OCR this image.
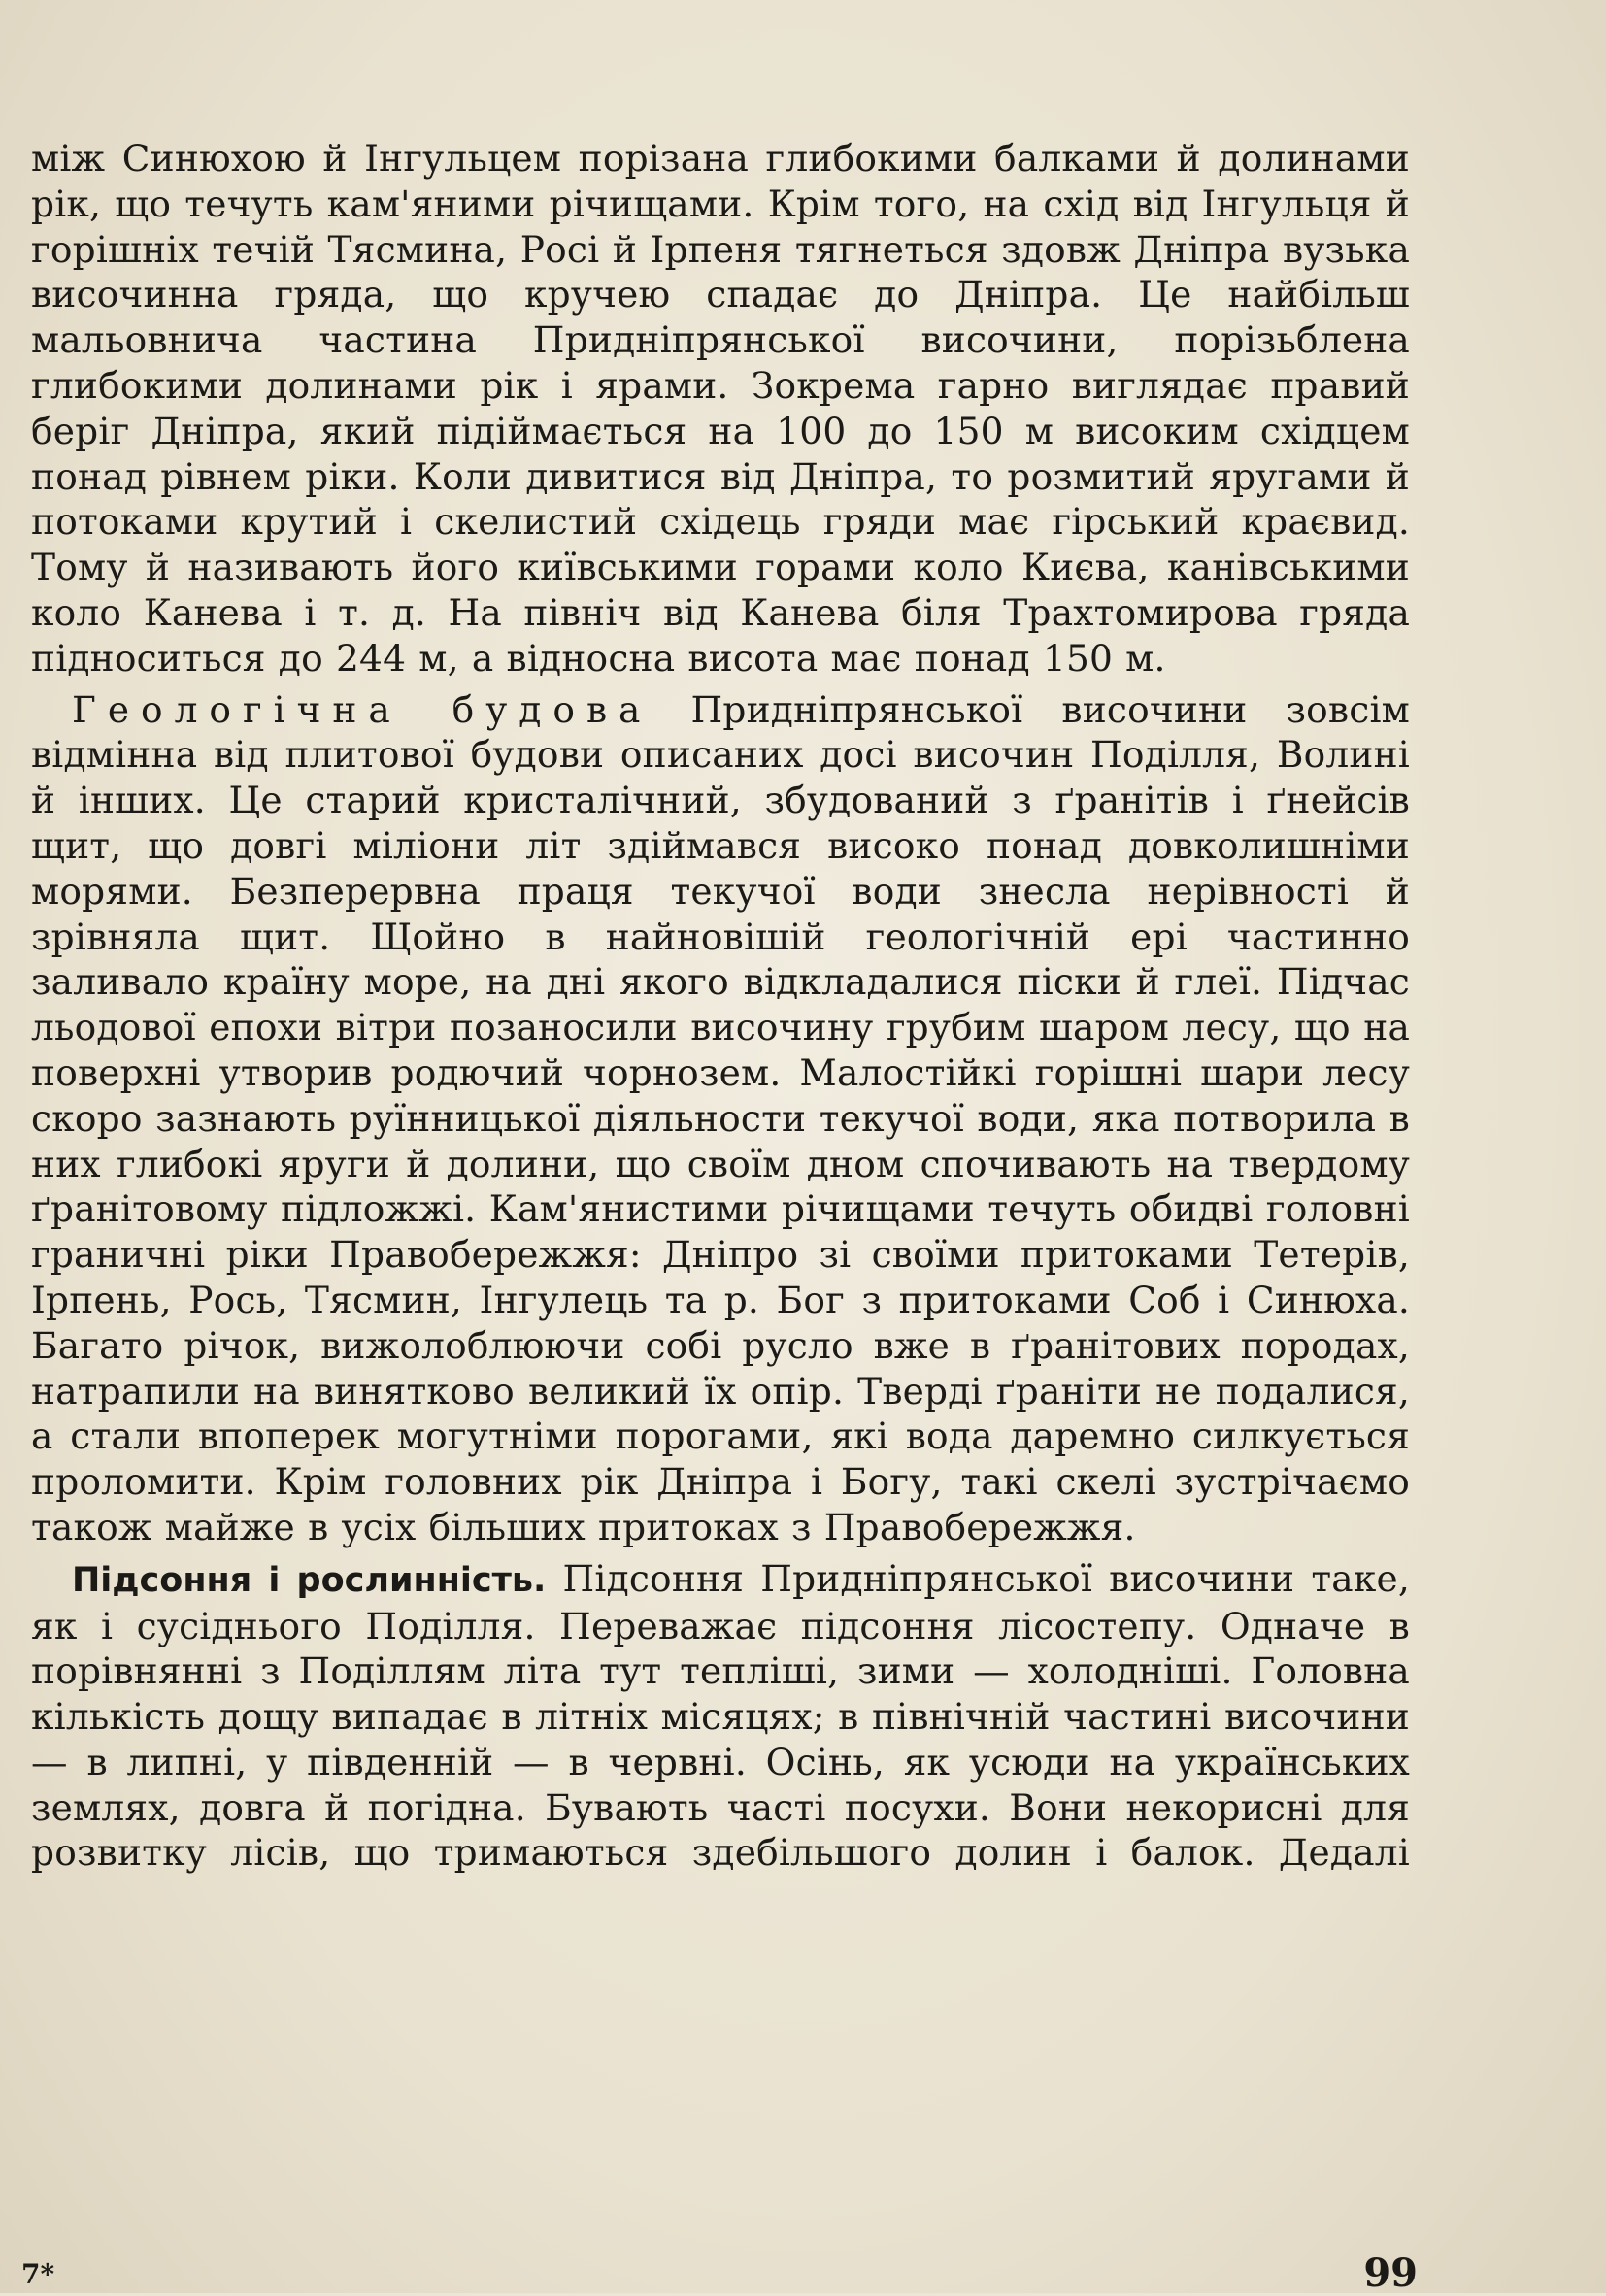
між Синюхою й Інгульцем порізана глибокими балками й долинами рік, що течуть кам'яними річищами. Крім того, на схід від Інгульця й горішніх течій Тясмина, Росі й Ірпеня тягнеться здовж Дніпра вузька височинна гряда, що кручею спадає до Дніпра. Це найбільш мальовнича частина Придніпрянської височини, порізьблена глибокими долинами рік і ярами. Зокрема гарно виглядає правий беріг Дніпра, який підіймається на 100 до 150 м високим східцем понад рівнем ріки. Коли дивитися від Дніпра, то розмитий яругами й потоками крутий і скелистий східець гряди має гірський краєвид. Тому й називають його київськими горами коло Києва, канівськими коло Канева і т. д. На північ від Канева біля Трахтомирова гряда підноситься до 244 м, а відносна висота має понад 150 м.

Геологічна будова Придніпрянської височини зовсім відмінна від плитової будови описаних досі височин Поділля, Волині й інших. Це старий кристалічний, збудований з ґранітів і ґнейсів щит, що довгі міліони літ здіймався високо понад довколишніми морями. Безперервна праця текучої води знесла нерівності й зрівняла щит. Щойно в найновішій геологічній ері частинно заливало країну море, на дні якого відкладалися піски й глеї. Підчас льодової епохи вітри позаносили височину грубим шаром лесу, що на поверхні утворив родючий чорнозем. Малостійкі горішні шари лесу скоро зазнають руїнницької діяльности текучої води, яка потворила в них глибокі яруги й долини, що своїм дном спочивають на твердому ґранітовому підложжі. Кам'янистими річищами течуть обидві головні граничні ріки Правобережжя: Дніпро зі своїми притоками Тетерів, Ірпень, Рось, Тясмин, Інгулець та р. Бог з притоками Соб і Синюха. Багато річок, вижолоблюючи собі русло вже в ґранітових породах, натрапили на винятково великий їх опір. Тверді ґраніти не подалися, а стали впоперек могутніми порогами, які вода даремно силкується проломити. Крім головних рік Дніпра і Богу, такі скелі зустрічаємо також майже в усіх більших притоках з Правобережжя.

Підсоння і рослинність. Підсоння Придніпрянської височини таке, як і сусіднього Поділля. Переважає підсоння лісостепу. Одначе в порівнянні з Поділлям літа тут тепліші, зими — холодніші. Головна кількість дощу випадає в літніх місяцях; в північній частині височини — в липні, у південній — в червні. Осінь, як усюди на українських землях, довга й погідна. Бувають часті посухи. Вони некорисні для розвитку лісів, що тримаються здебільшого долин і балок. Дедалі

99
7*
